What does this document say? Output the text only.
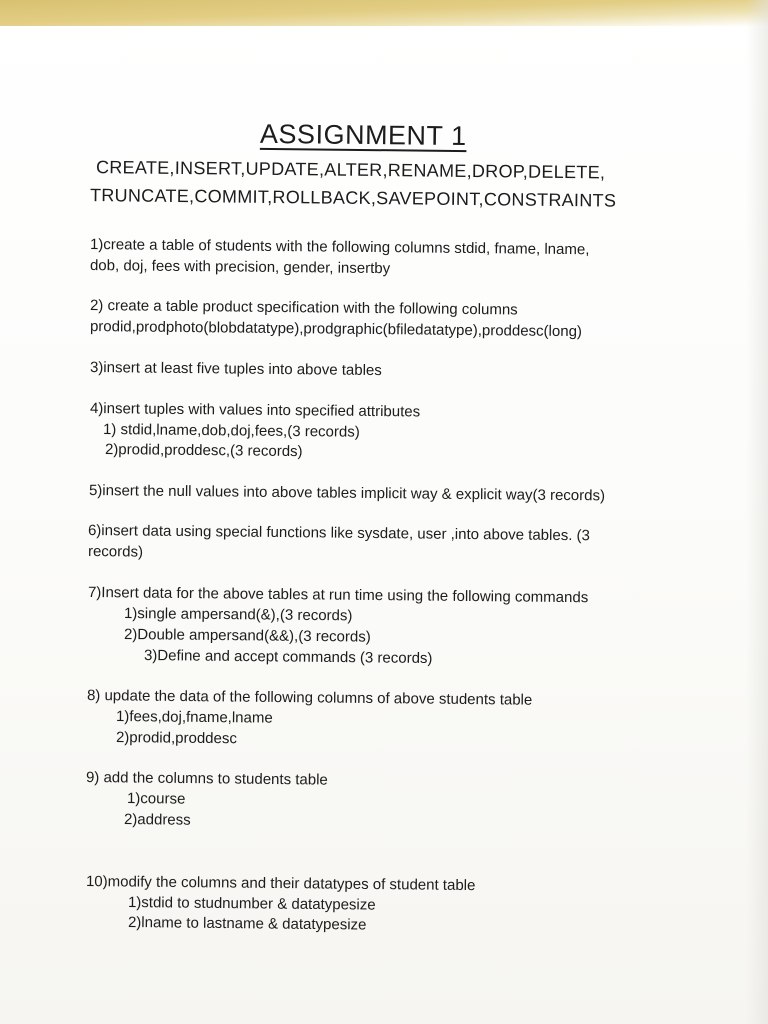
ASSIGNMENT 1
CREATE,INSERT,UPDATE,ALTER,RENAME,DROP,DELETE,
TRUNCATE,COMMIT,ROLLBACK,SAVEPOINT,CONSTRAINTS
1)create a table of students with the following columns stdid, fname, lname,
dob, doj, fees with precision, gender, insertby
2) create a table product specification with the following columns
prodid,prodphoto(blobdatatype),prodgraphic(bfiledatatype),proddesc(long)
3)insert at least five tuples into above tables
4)insert tuples with values into specified attributes
1) stdid,lname,dob,doj,fees,(3 records)
2)prodid,proddesc,(3 records)
5)insert the null values into above tables implicit way & explicit way(3 records)
6)insert data using special functions like sysdate, user ,into above tables. (3
records)
7)Insert data for the above tables at run time using the following commands
1)single ampersand(&),(3 records)
2)Double ampersand(&&),(3 records)
3)Define and accept commands (3 records)
8) update the data of the following columns of above students table
1)fees,doj,fname,lname
2)prodid,proddesc
9) add the columns to students table
1)course
2)address
10)modify the columns and their datatypes of student table
1)stdid to studnumber & datatypesize
2)lname to lastname & datatypesize
